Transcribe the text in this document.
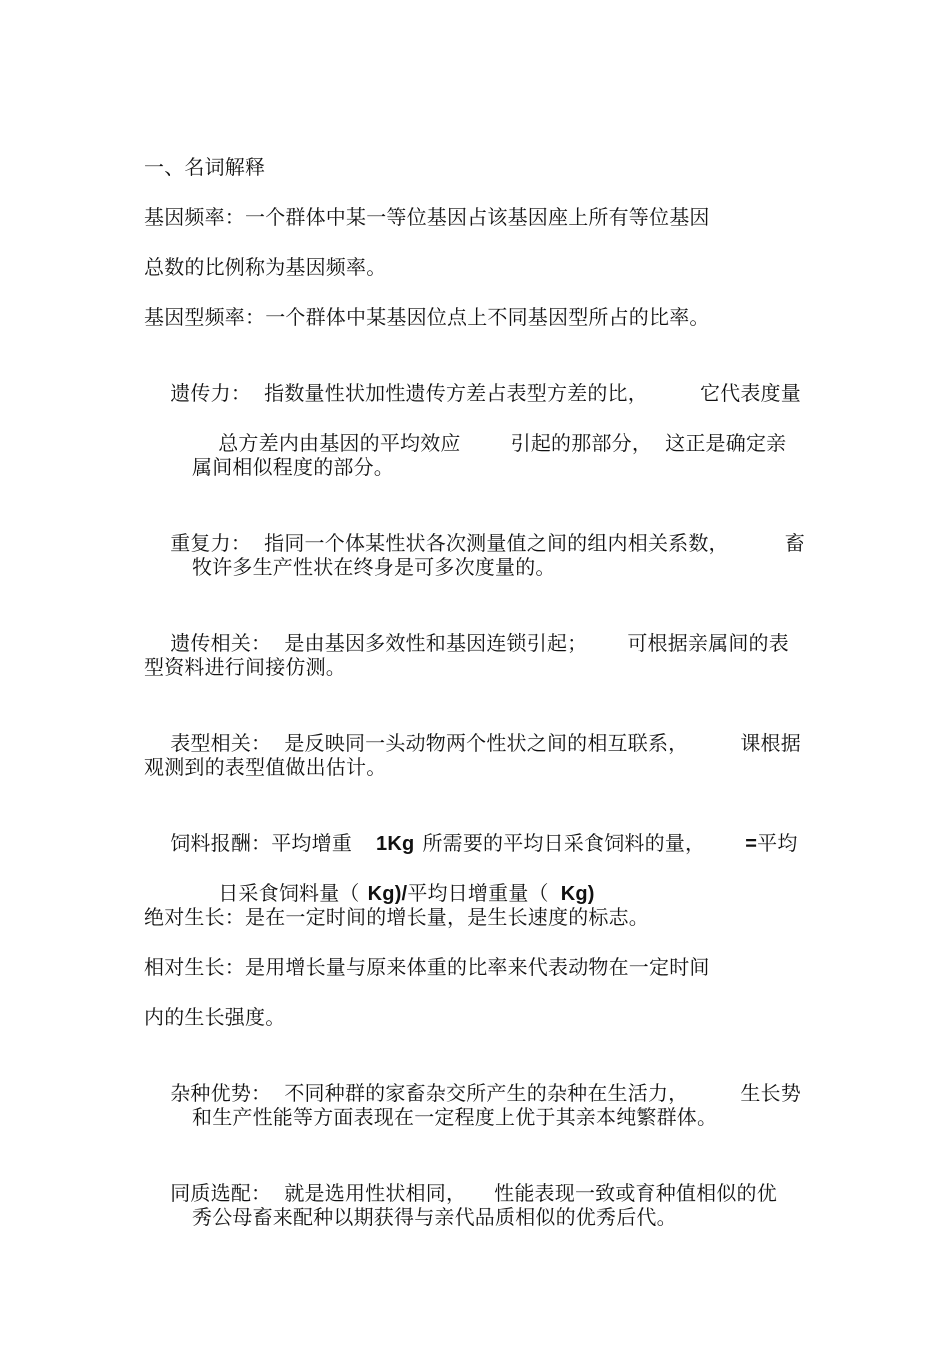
一、名词解释
基因频率：一个群体中某一等位基因占该基因座上所有等位基因
总数的比例称为基因频率。
基因型频率：一个群体中某基因位点上不同基因型所占的比率。

遗传力：  指数量性状加性遗传方差占表型方差的比，	它代表度量

总方差内由基因的平均效应	引起的那部分，  这正是确定亲

属间相似程度的部分。

重复力：  指同一个体某性状各次测量值之间的组内相关系数，	畜

牧许多生产性状在终身是可多次度量的。

遗传相关：  是由基因多效性和基因连锁引起； 可根据亲属间的表

型资料进行间接仿测。

表型相关：  是反映同一头动物两个性状之间的相互联系，	课根据

观测到的表型值做出估计。

饲料报酬：平均增重 1Kg 所需要的平均日采食饲料的量， =平均

日采食饲料量（ Kg)/平均日增重量（ Kg)

绝对生长：是在一定时间的增长量，是生长速度的标志。
相对生长：是用增长量与原来体重的比率来代表动物在一定时间
内的生长强度。

杂种优势：  不同种群的家畜杂交所产生的杂种在生活力，	生长势

和生产性能等方面表现在一定程度上优于其亲本纯繁群体。

同质选配：  就是选用性状相同， 性能表现一致或育种值相似的优

秀公母畜来配种以期获得与亲代品质相似的优秀后代。
